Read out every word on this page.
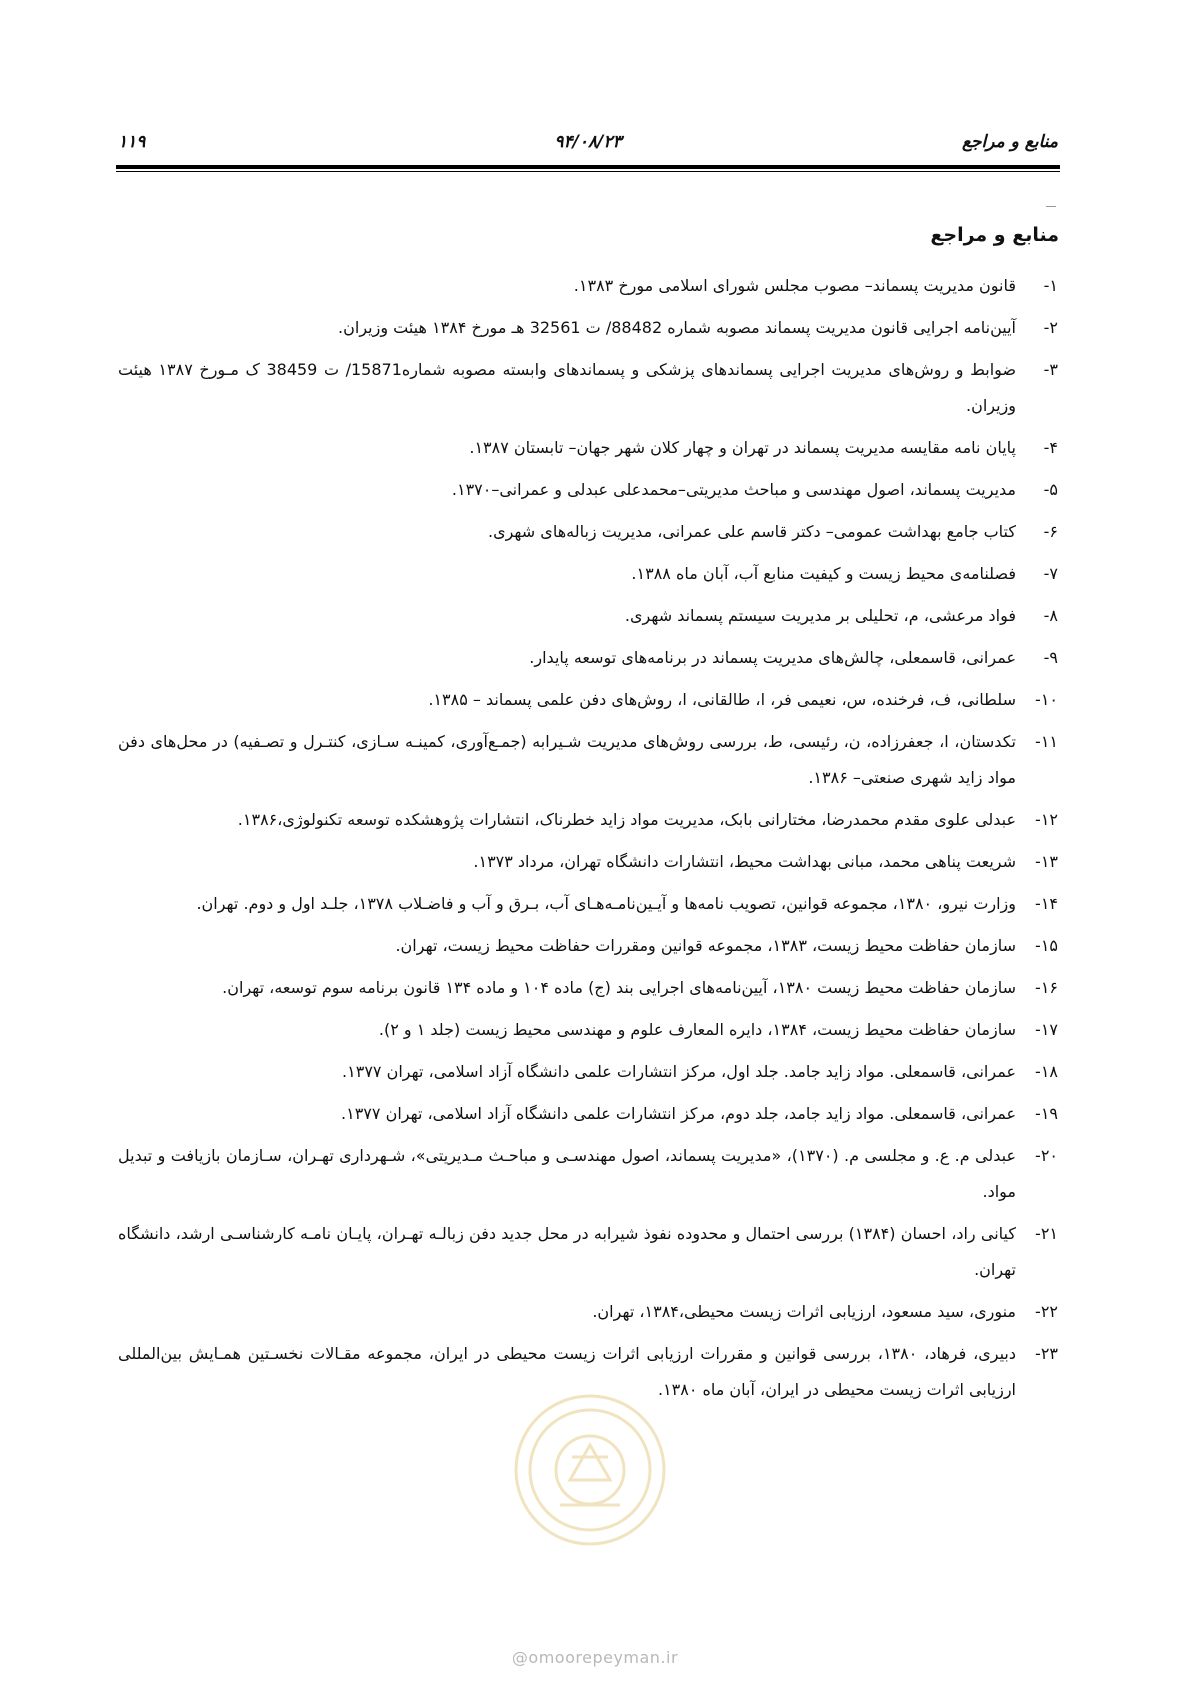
منابع و مراجع
۹۴/۰۸/۲۳
۱۱۹
منابع و مراجع
۱-
قانون مدیریت پسماند– مصوب مجلس شورای اسلامی مورخ ۱۳۸۳.
۲-
آیین‌نامه اجرایی قانون مدیریت پسماند مصوبه شماره 88482/ ت 32561 هـ مورخ ۱۳۸۴ هیئت وزیران.
۳-
ضوابط و روش‌های مدیریت اجرایی پسماندهای پزشکی و پسماندهای وابسته مصوبه شماره15871/ ت 38459 ک مـورخ ۱۳۸۷ هیئت وزیران.
۴-
پایان نامه مقایسه مدیریت پسماند در تهران و چهار کلان شهر جهان– تابستان ۱۳۸۷.
۵-
مدیریت پسماند، اصول مهندسی و مباحث مدیریتی–محمدعلی عبدلی و عمرانی–۱۳۷۰.
۶-
کتاب جامع بهداشت عمومی– دکتر قاسم علی عمرانی، مدیریت زباله‌های شهری.
۷-
فصلنامه‌ی محیط زیست و کیفیت منابع آب، آبان ماه ۱۳۸۸.
۸-
فواد مرعشی، م، تحلیلی بر مدیریت سیستم پسماند شهری.
۹-
عمرانی، قاسمعلی، چالش‌های مدیریت پسماند در برنامه‌های توسعه پایدار.
۱۰-
سلطانی، ف، فرخنده، س، نعیمی فر، ا، طالقانی، ا، روش‌های دفن علمی پسماند – ۱۳۸۵.
۱۱-
تکدستان، ا، جعفرزاده، ن، رئیسی، ط، بررسی روش‌های مدیریت شـیرابه (جمـع‌آوری، کمینـه سـازی، کنتـرل و تصـفیه) در محل‌های دفن مواد زاید شهری صنعتی– ۱۳۸۶.
۱۲-
عبدلی علوی مقدم محمدرضا، مختارانی بابک، مدیریت مواد زاید خطرناک، انتشارات پژوهشکده توسعه تکنولوژی،۱۳۸۶.
۱۳-
شریعت پناهی محمد، مبانی بهداشت محیط، انتشارات دانشگاه تهران، مرداد ۱۳۷۳.
۱۴-
وزارت نیرو، ۱۳۸۰، مجموعه قوانین، تصویب نامه‌ها و آیـین‌نامـه‌هـای آب، بـرق و آب و فاضـلاب ۱۳۷۸، جلـد اول و دوم. تهران.
۱۵-
سازمان حفاظت محیط زیست، ۱۳۸۳، مجموعه قوانین ومقررات حفاظت محیط زیست، تهران.
۱۶-
سازمان حفاظت محیط زیست ۱۳۸۰، آیین‌نامه‌های اجرایی بند (ج) ماده ۱۰۴ و ماده ۱۳۴ قانون برنامه سوم توسعه، تهران.
۱۷-
سازمان حفاظت محیط زیست، ۱۳۸۴، دایره المعارف علوم و مهندسی محیط زیست (جلد ۱ و ۲).
۱۸-
عمرانی، قاسمعلی. مواد زاید جامد. جلد اول، مرکز انتشارات علمی دانشگاه آزاد اسلامی، تهران ۱۳۷۷.
۱۹-
عمرانی، قاسمعلی. مواد زاید جامد، جلد دوم، مرکز انتشارات علمی دانشگاه آزاد اسلامی، تهران ۱۳۷۷.
۲۰-
عبدلی م. ع. و مجلسی م. (۱۳۷۰)، «مدیریت پسماند، اصول مهندسـی و مباحـث مـدیریتی»، شـهرداری تهـران، سـازمان بازیافت و تبدیل مواد.
۲۱-
کیانی راد، احسان (۱۳۸۴) بررسی احتمال و محدوده نفوذ شیرابه در محل جدید دفن زبالـه تهـران، پایـان نامـه کارشناسـی ارشد، دانشگاه تهران.
۲۲-
منوری، سید مسعود، ارزیابی اثرات زیست محیطی،۱۳۸۴، تهران.
۲۳-
دبیری، فرهاد، ۱۳۸۰، بررسی قوانین و مقررات ارزیابی اثرات زیست محیطی در ایران، مجموعه مقـالات نخسـتین همـایش بین‌المللی ارزیابی اثرات زیست محیطی در ایران، آبان ماه ۱۳۸۰.
@omoorepeyman.ir
